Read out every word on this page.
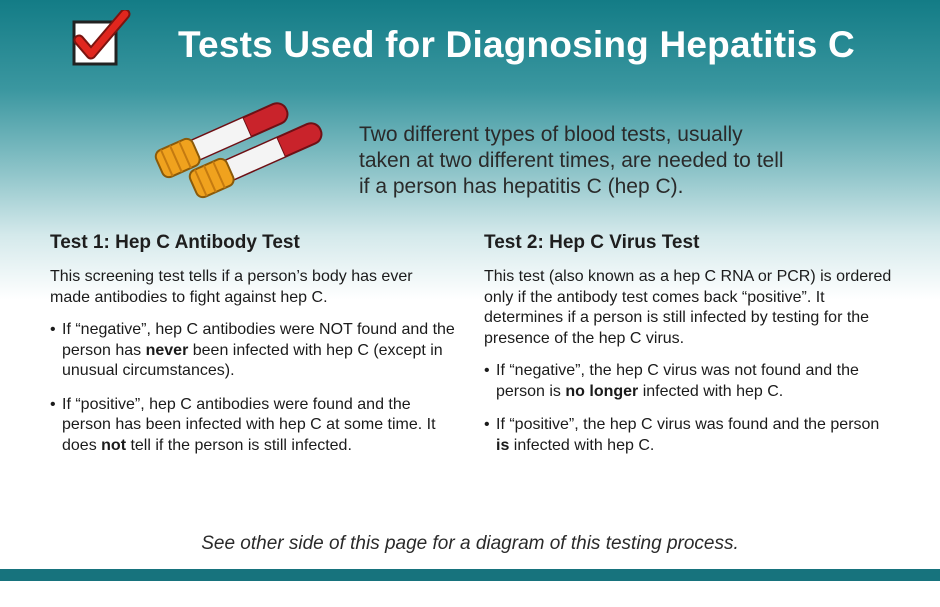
Tests Used for Diagnosing Hepatitis C

Two different types of blood tests, usually taken at two different times, are needed to tell if a person has hepatitis C (hep C).

Test 1: Hep C Antibody Test

This screening test tells if a person’s body has ever made antibodies to fight against hep C.

• If “negative”, hep C antibodies were NOT found and the person has never been infected with hep C (except in unusual circumstances).
• If “positive”, hep C antibodies were found and the person has been infected with hep C at some time. It does not tell if the person is still infected.
Test 2: Hep C Virus Test

This test (also known as a hep C RNA or PCR) is ordered only if the antibody test comes back “positive”. It determines if a person is still infected by testing for the presence of the hep C virus.

• If “negative”, the hep C virus was not found and the person is no longer infected with hep C.
• If “positive”, the hep C virus was found and the person is infected with hep C.

See other side of this page for a diagram of this testing process.
